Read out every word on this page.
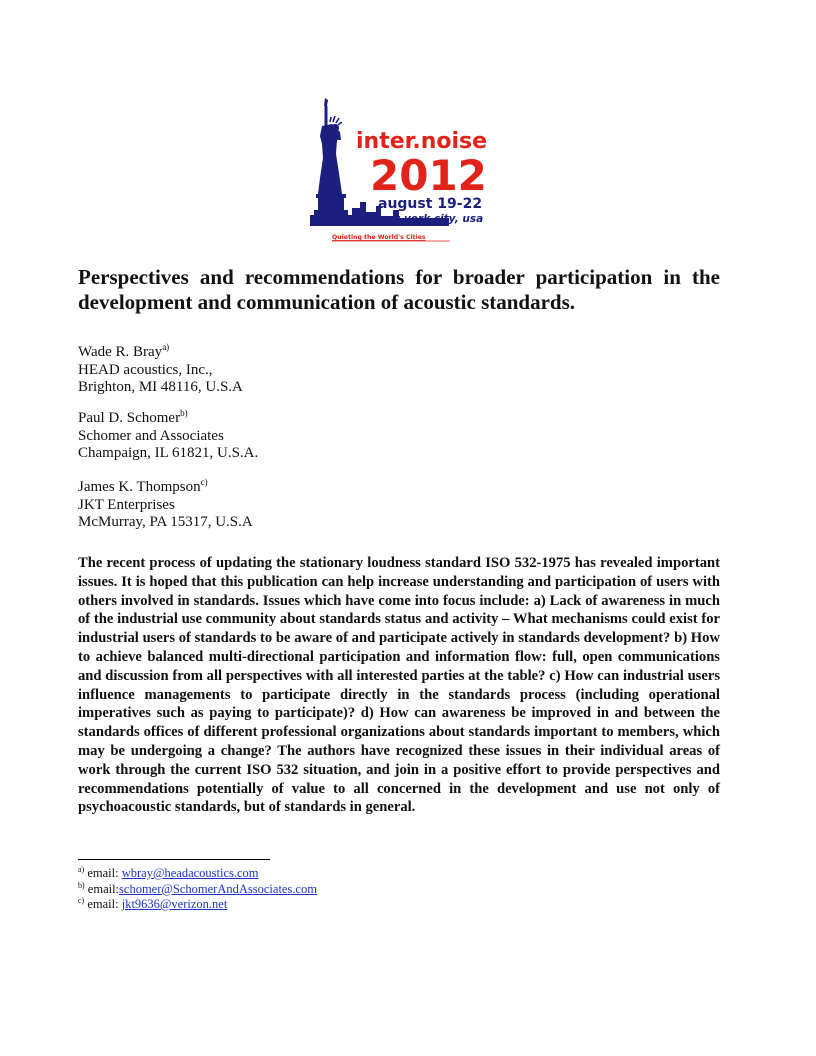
inter.noise
2012
august 19-22
new york city, usa
Quieting the World's Cities
Perspectives and recommendations for broader participation in the development and communication of acoustic standards.
Wade R. Bray$^{a)}$
HEAD acoustics, Inc.,
Brighton, MI 48116, U.S.A
Paul D. Schomer$^{b)}$
Schomer and Associates
Champaign, IL 61821, U.S.A.
James K. Thompson$^{c)}$
JKT Enterprises
McMurray, PA 15317, U.S.A

The recent process of updating the stationary loudness standard ISO 532-1975 has revealed important issues. It is hoped that this publication can help increase understanding and participation of users with others involved in standards. Issues which have come into focus include: a) Lack of awareness in much of the industrial use community about standards status and activity – What mechanisms could exist for industrial users of standards to be aware of and participate actively in standards development? b) How to achieve balanced multi-directional participation and information flow: full, open communications and discussion from all perspectives with all interested parties at the table? c) How can industrial users influence managements to participate directly in the standards process (including operational imperatives such as paying to participate)? d) How can awareness be improved in and between the standards offices of different professional organizations about standards important to members, which may be undergoing a change? The authors have recognized these issues in their individual areas of work through the current ISO 532 situation, and join in a positive effort to provide perspectives and recommendations potentially of value to all concerned in the development and use not only of psychoacoustic standards, but of standards in general.

$^{a)}$ email: wbray@headacoustics.com
$^{b)}$ email:schomer@SchomerAndAssociates.com
$^{c)}$ email: jkt9636@verizon.net
